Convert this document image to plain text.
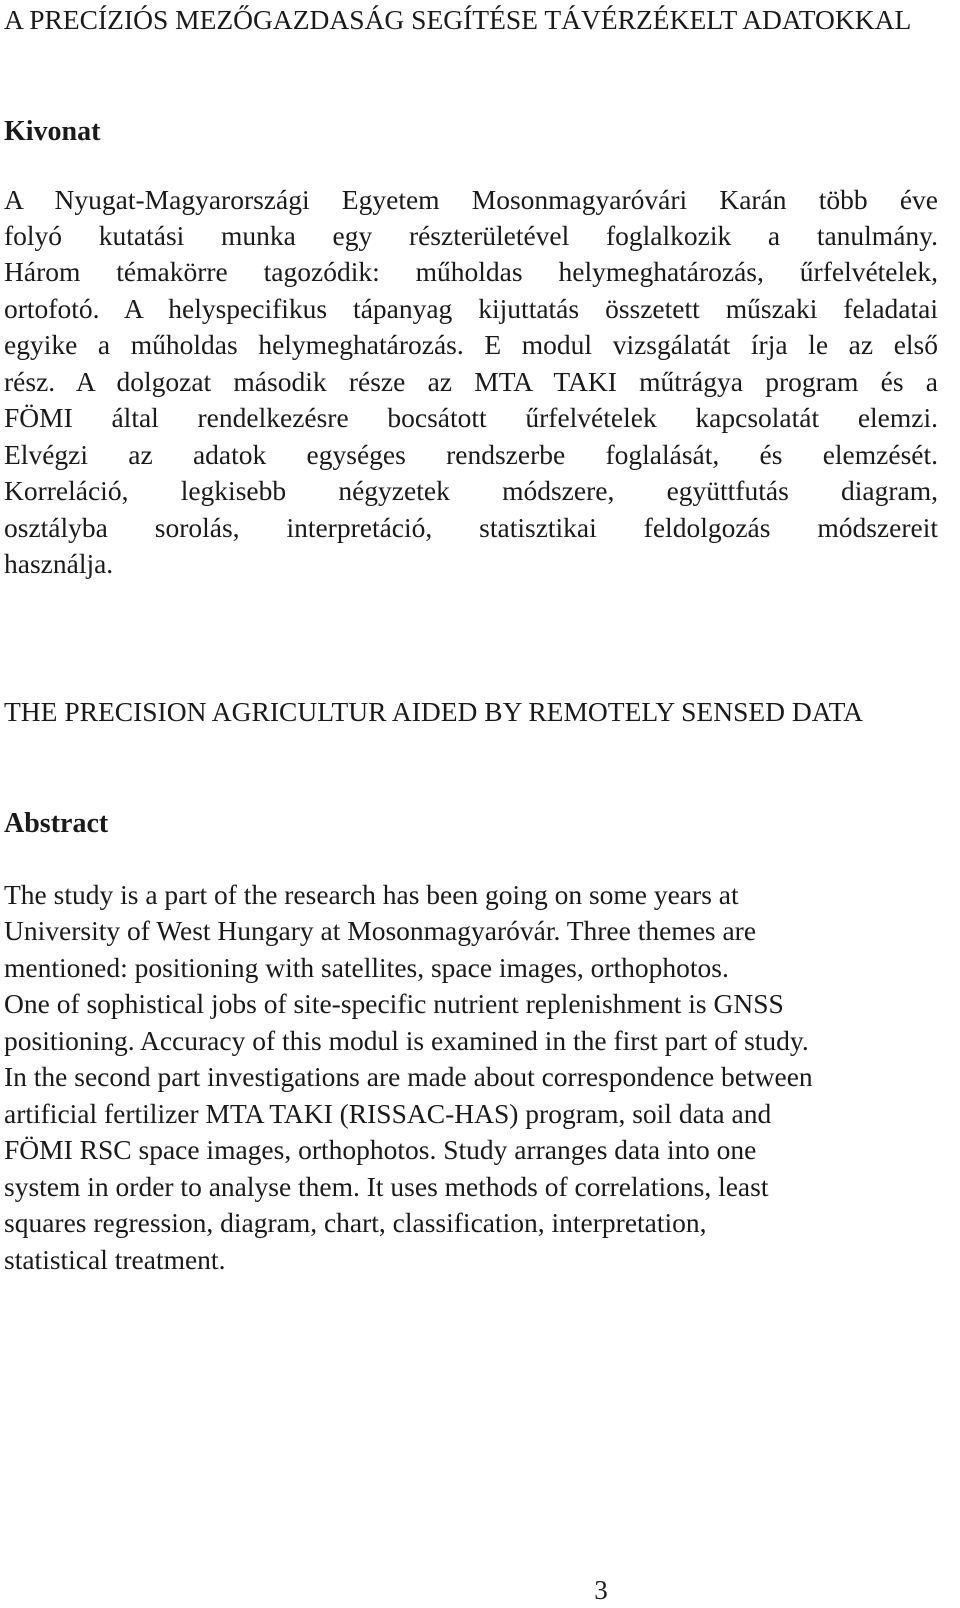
A PRECÍZIÓS MEZŐGAZDASÁG SEGÍTÉSE TÁVÉRZÉKELT ADATOKKAL
Kivonat
A Nyugat-Magyarországi Egyetem Mosonmagyaróvári Karán több éve
folyó kutatási munka egy részterületével foglalkozik a tanulmány.
Három témakörre tagozódik: műholdas helymeghatározás, űrfelvételek,
ortofotó. A helyspecifikus tápanyag kijuttatás összetett műszaki feladatai
egyike a műholdas helymeghatározás. E modul vizsgálatát írja le az első
rész. A dolgozat második része az MTA TAKI műtrágya program és a
FÖMI által rendelkezésre bocsátott űrfelvételek kapcsolatát elemzi.
Elvégzi az adatok egységes rendszerbe foglalását, és elemzését.
Korreláció, legkisebb négyzetek módszere, együttfutás diagram,
osztályba sorolás, interpretáció, statisztikai feldolgozás módszereit
használja.
THE PRECISION AGRICULTUR AIDED BY REMOTELY SENSED DATA
Abstract
The study is a part of the research has been going on some years at
University of West Hungary at Mosonmagyaróvár. Three themes are
mentioned: positioning with satellites, space images, orthophotos.
One of sophistical jobs of site-specific nutrient replenishment is GNSS
positioning. Accuracy of this modul is examined in the first part of study.
In the second part investigations are made about correspondence between
artificial fertilizer MTA TAKI (RISSAC-HAS) program, soil data and
FÖMI RSC space images, orthophotos. Study arranges data into one
system in order to analyse them. It uses methods of correlations, least
squares regression, diagram, chart, classification, interpretation,
statistical treatment.
3
